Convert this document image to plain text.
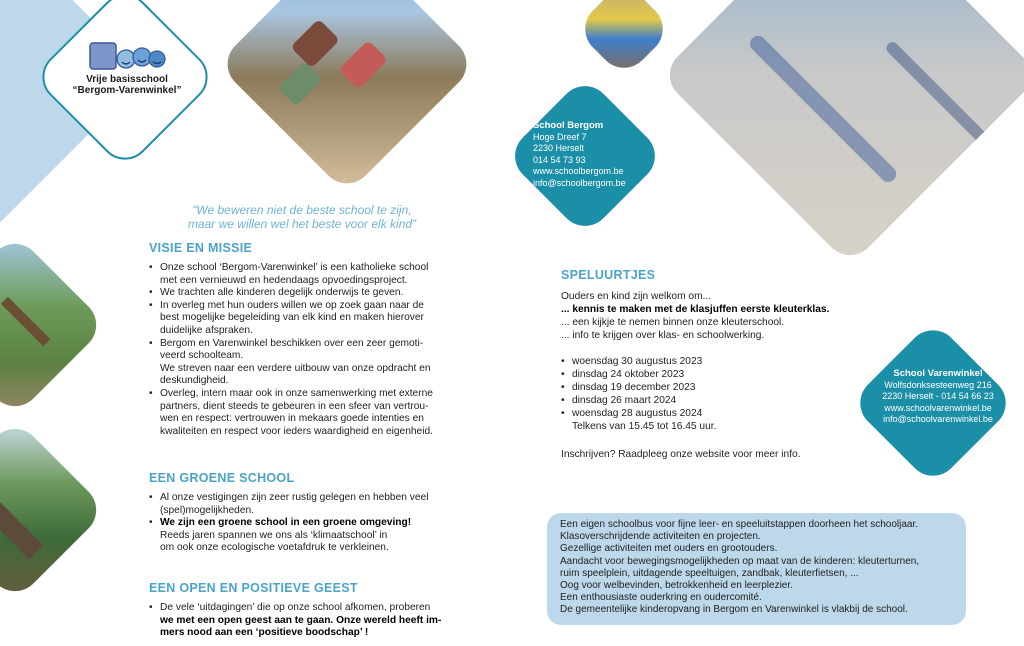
Vrije basisschool
“Bergom-Varenwinkel”
“We beweren niet de beste school te zijn,
maar we willen wel het beste voor elk kind”
VISIE EN MISSIE
• Onze school ‘Bergom-Varenwinkel’ is een katholieke school
met een vernieuwd en hedendaags opvoedingsproject.
• We trachten alle kinderen degelijk onderwijs te geven.
• In overleg met hun ouders willen we op zoek gaan naar de
best mogelijke begeleiding van elk kind en maken hierover
duidelijke afspraken.
• Bergom en Varenwinkel beschikken over een zeer gemoti-
veerd schoolteam.
We streven naar een verdere uitbouw van onze opdracht en
deskundigheid.
• Overleg, intern maar ook in onze samenwerking met externe
partners, dient steeds te gebeuren in een sfeer van vertrou-
wen en respect: vertrouwen in mekaars goede intenties en
kwaliteiten en respect voor ieders waardigheid en eigenheid.
EEN GROENE SCHOOL
• Al onze vestigingen zijn zeer rustig gelegen en hebben veel
(spel)mogelijkheden.
• We zijn een groene school in een groene omgeving!
Reeds jaren spannen we ons als ‘klimaatschool’ in
om ook onze ecologische voetafdruk te verkleinen.
EEN OPEN EN POSITIEVE GEEST
• De vele ‘uitdagingen’ die op onze school afkomen, proberen
we met een open geest aan te gaan. Onze wereld heeft im-
mers nood aan een ‘positieve boodschap’ !
School Bergom
Hoge Dreef 7
2230 Herselt
014 54 73 93
www.schoolbergom.be
info@schoolbergom.be
School Varenwinkel
Wolfsdonksesteenweg 216
2230 Herselt - 014 54 66 23
www.schoolvarenwinkel.be
info@schoolvarenwinkel.be
SPELUURTJES
Ouders en kind zijn welkom om...
... kennis te maken met de klasjuffen eerste kleuterklas.
... een kijkje te nemen binnen onze kleuterschool.
... info te krijgen over klas- en schoolwerking.
• woensdag 30 augustus 2023
• dinsdag 24 oktober 2023
• dinsdag 19 december 2023
• dinsdag 26 maart 2024
• woensdag 28 augustus 2024
Telkens van 15.45 tot 16.45 uur.
Inschrijven? Raadpleeg onze website voor meer info.

Een eigen schoolbus voor fijne leer- en speeluitstappen doorheen het schooljaar.

Klasoverschrijdende activiteiten en projecten.

Gezellige activiteiten met ouders en grootouders.

Aandacht voor bewegingsmogelijkheden op maat van de kinderen: kleuterturnen,

ruim speelplein, uitdagende speeltuigen, zandbak, kleuterfietsen, ...

Oog voor welbevinden, betrokkenheid en leerplezier.

Een enthousiaste ouderkring en oudercomité.

De gemeentelijke kinderopvang in Bergom en Varenwinkel is vlakbij de school.
